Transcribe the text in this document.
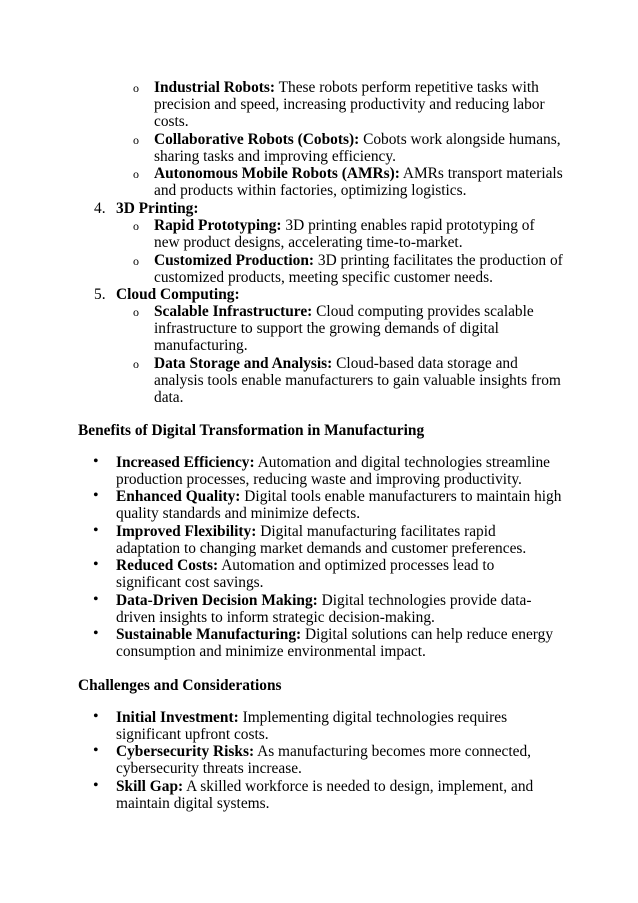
o Industrial Robots: These robots perform repetitive tasks with precision and speed, increasing productivity and reducing labor costs.
o Collaborative Robots (Cobots): Cobots work alongside humans, sharing tasks and improving efficiency.
o Autonomous Mobile Robots (AMRs): AMRs transport materials and products within factories, optimizing logistics.
4. 3D Printing:
o Rapid Prototyping: 3D printing enables rapid prototyping of new product designs, accelerating time-to-market.
o Customized Production: 3D printing facilitates the production of customized products, meeting specific customer needs.
5. Cloud Computing:
o Scalable Infrastructure: Cloud computing provides scalable infrastructure to support the growing demands of digital manufacturing.
o Data Storage and Analysis: Cloud-based data storage and analysis tools enable manufacturers to gain valuable insights from data.
Benefits of Digital Transformation in Manufacturing
• Increased Efficiency: Automation and digital technologies streamline production processes, reducing waste and improving productivity.
• Enhanced Quality: Digital tools enable manufacturers to maintain high quality standards and minimize defects.
• Improved Flexibility: Digital manufacturing facilitates rapid adaptation to changing market demands and customer preferences.
• Reduced Costs: Automation and optimized processes lead to significant cost savings.
• Data-Driven Decision Making: Digital technologies provide data-driven insights to inform strategic decision-making.
• Sustainable Manufacturing: Digital solutions can help reduce energy consumption and minimize environmental impact.
Challenges and Considerations
• Initial Investment: Implementing digital technologies requires significant upfront costs.
• Cybersecurity Risks: As manufacturing becomes more connected, cybersecurity threats increase.
• Skill Gap: A skilled workforce is needed to design, implement, and maintain digital systems.
